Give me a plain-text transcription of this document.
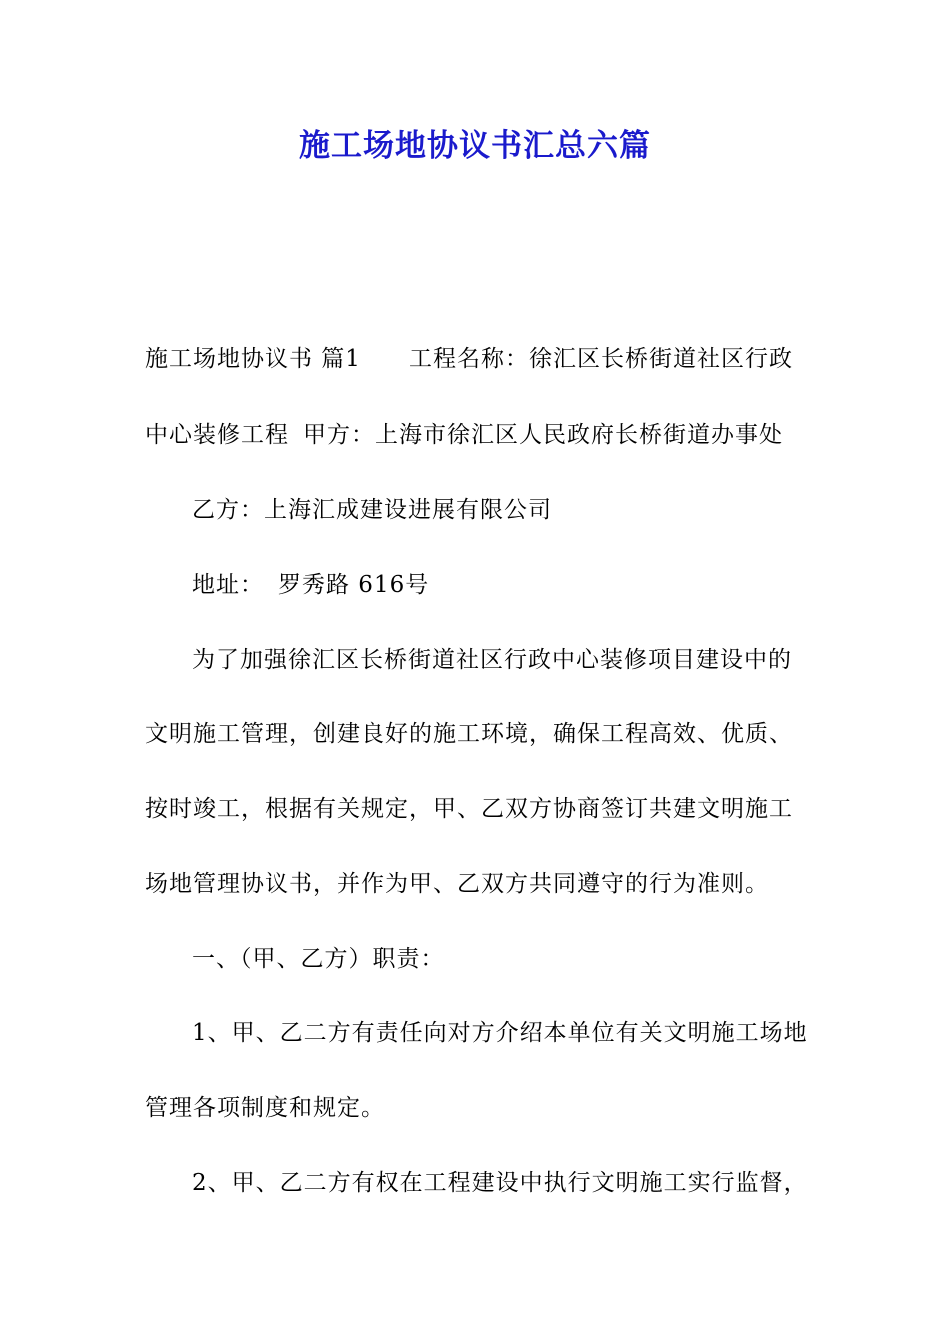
施工场地协议书汇总六篇
施工场地协议书 篇1 工程名称：徐汇区长桥街道社区行政
中心装修工程 甲方：上海市徐汇区人民政府长桥街道办事处
乙方：上海汇成建设进展有限公司
地址： 罗秀路 616号
为了加强徐汇区长桥街道社区行政中心装修项目建设中的
文明施工管理，创建良好的施工环境，确保工程高效、优质、
按时竣工，根据有关规定，甲、乙双方协商签订共建文明施工
场地管理协议书，并作为甲、乙双方共同遵守的行为准则。
一、（甲、乙方）职责：
1、甲、乙二方有责任向对方介绍本单位有关文明施工场地
管理各项制度和规定。
2、甲、乙二方有权在工程建设中执行文明施工实行监督，
